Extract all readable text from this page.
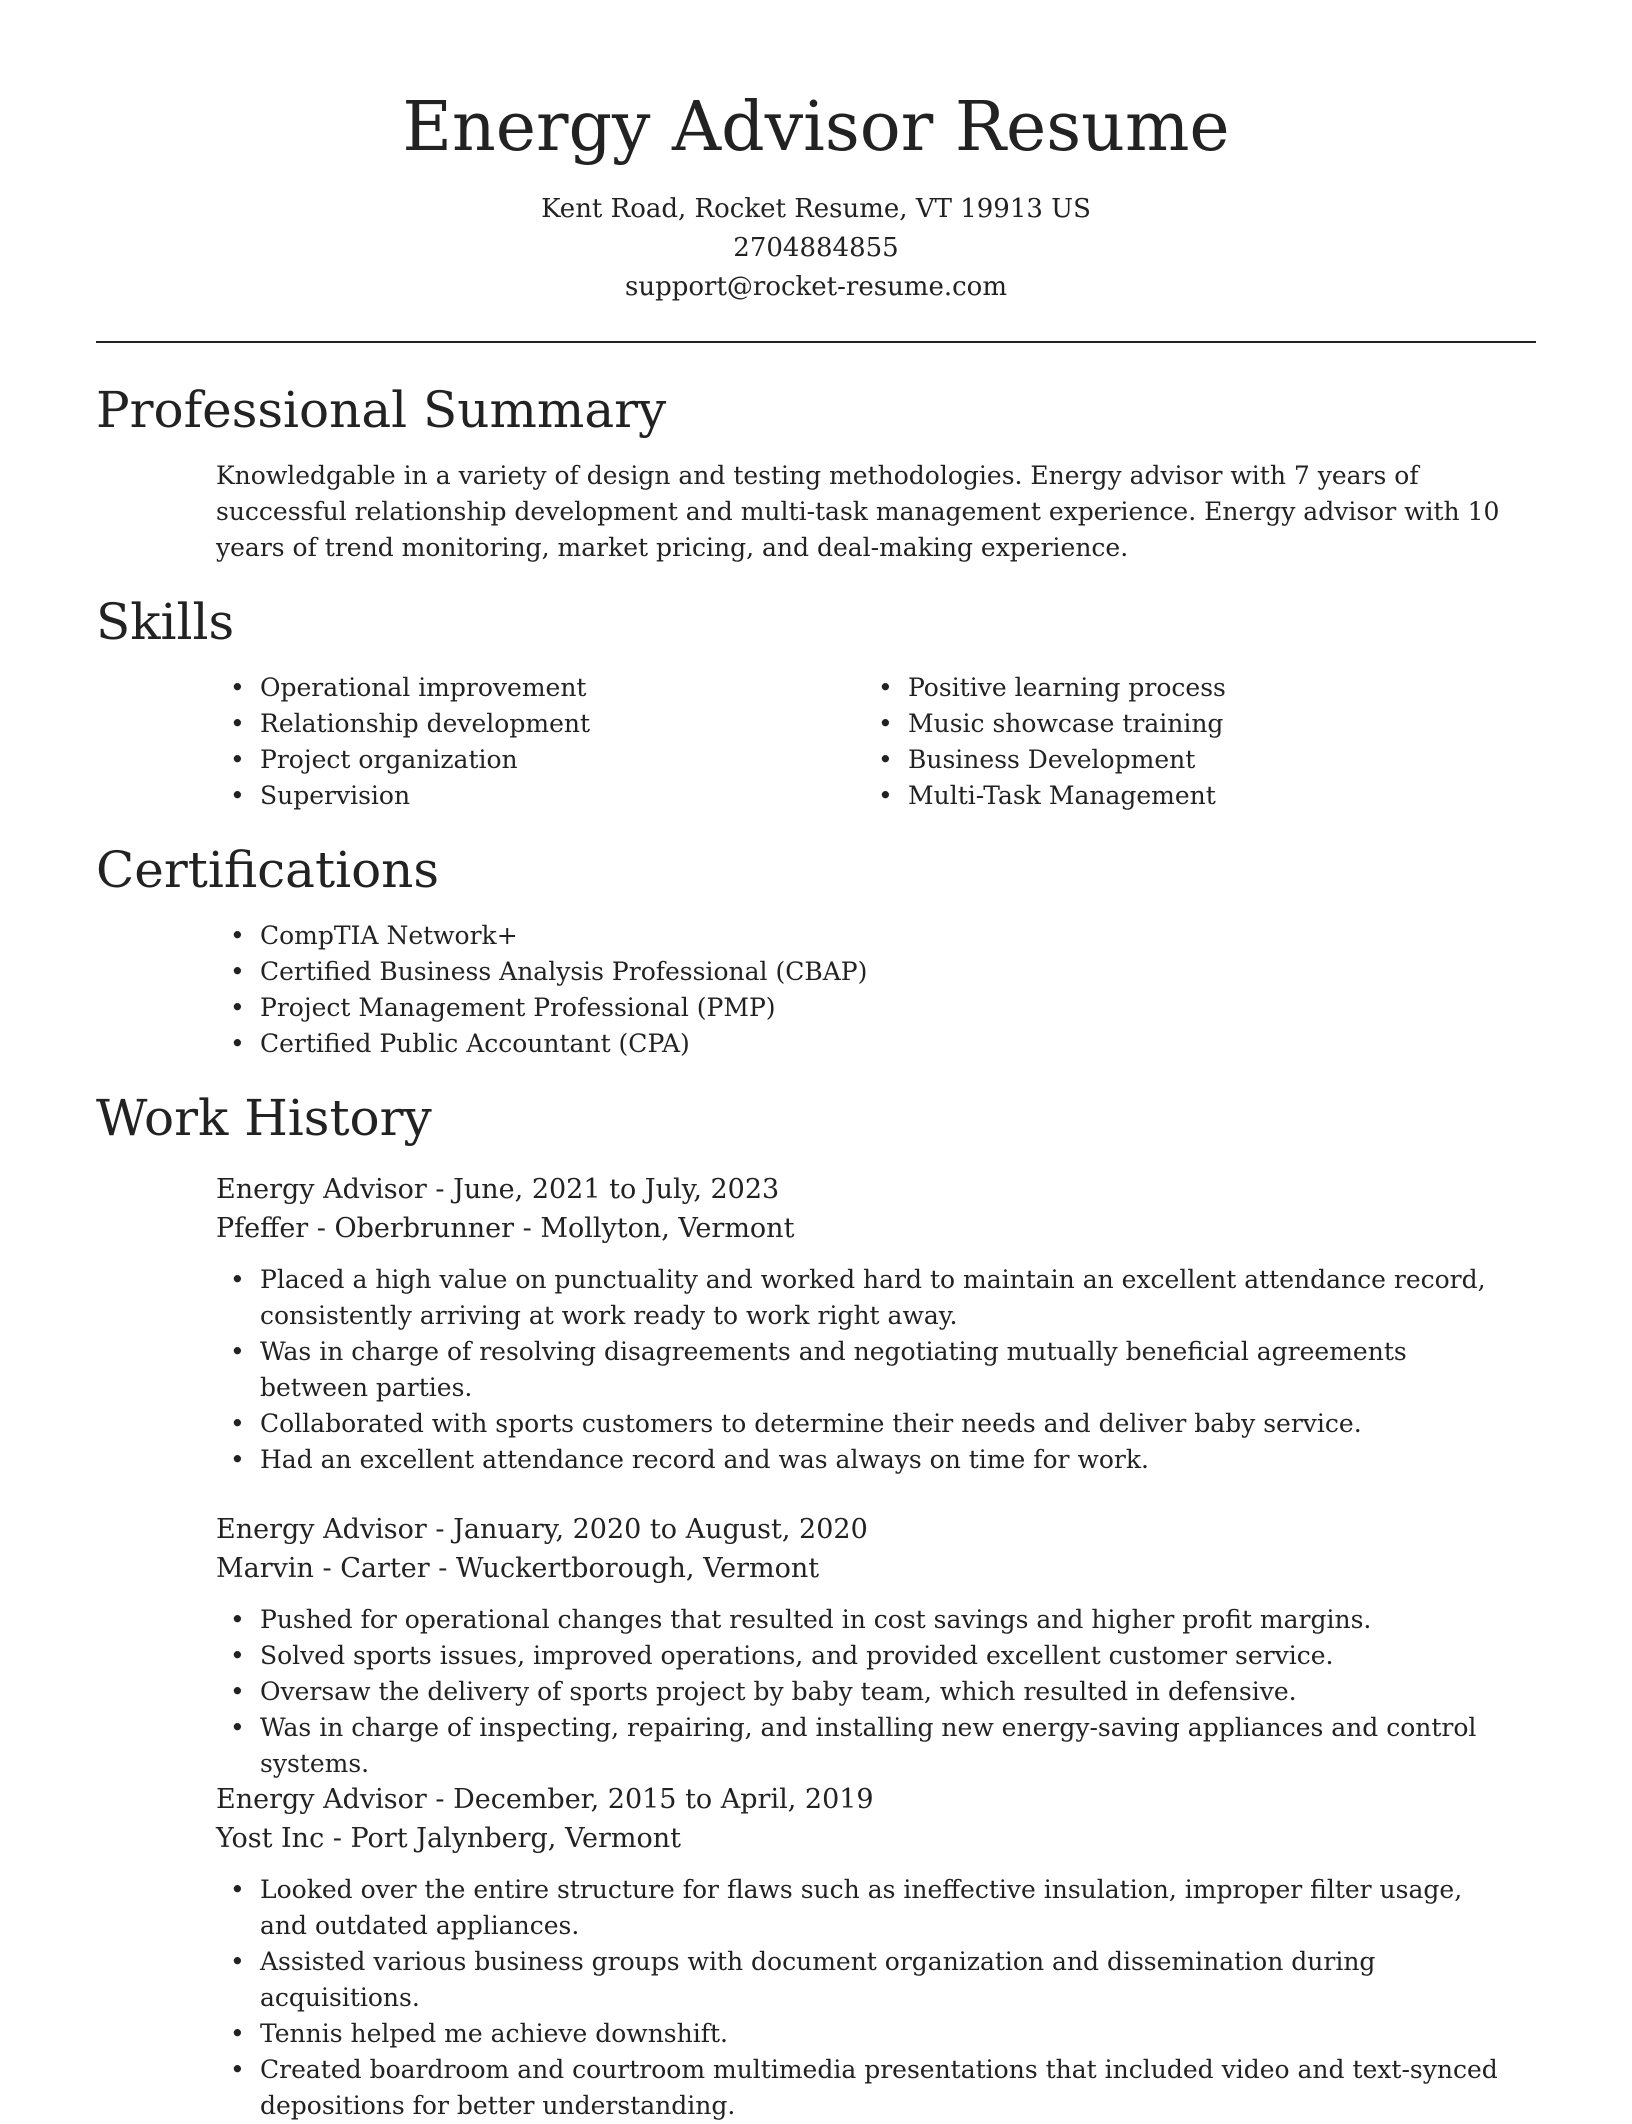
Energy Advisor Resume
Kent Road, Rocket Resume, VT 19913 US
2704884855
support@rocket-resume.com
Professional Summary

Knowledgable in a variety of design and testing methodologies. Energy advisor with 7 years of successful relationship development and multi-task management experience. Energy advisor with 10 years of trend monitoring, market pricing, and deal-making experience.

Skills
• Operational improvement
• Relationship development
• Project organization
• Supervision
• Positive learning process
• Music showcase training
• Business Development
• Multi-Task Management
Certifications
• CompTIA Network+
• Certified Business Analysis Professional (CBAP)
• Project Management Professional (PMP)
• Certified Public Accountant (CPA)
Work History
Energy Advisor - June, 2021 to July, 2023
Pfeffer - Oberbrunner - Mollyton, Vermont
• Placed a high value on punctuality and worked hard to maintain an excellent attendance record, consistently arriving at work ready to work right away.
• Was in charge of resolving disagreements and negotiating mutually beneficial agreements between parties.
• Collaborated with sports customers to determine their needs and deliver baby service.
• Had an excellent attendance record and was always on time for work.
Energy Advisor - January, 2020 to August, 2020
Marvin - Carter - Wuckertborough, Vermont
• Pushed for operational changes that resulted in cost savings and higher profit margins.
• Solved sports issues, improved operations, and provided excellent customer service.
• Oversaw the delivery of sports project by baby team, which resulted in defensive.
• Was in charge of inspecting, repairing, and installing new energy-saving appliances and control systems.
Energy Advisor - December, 2015 to April, 2019
Yost Inc - Port Jalynberg, Vermont
• Looked over the entire structure for flaws such as ineffective insulation, improper filter usage, and outdated appliances.
• Assisted various business groups with document organization and dissemination during acquisitions.
• Tennis helped me achieve downshift.
• Created boardroom and courtroom multimedia presentations that included video and text-synced depositions for better understanding.
